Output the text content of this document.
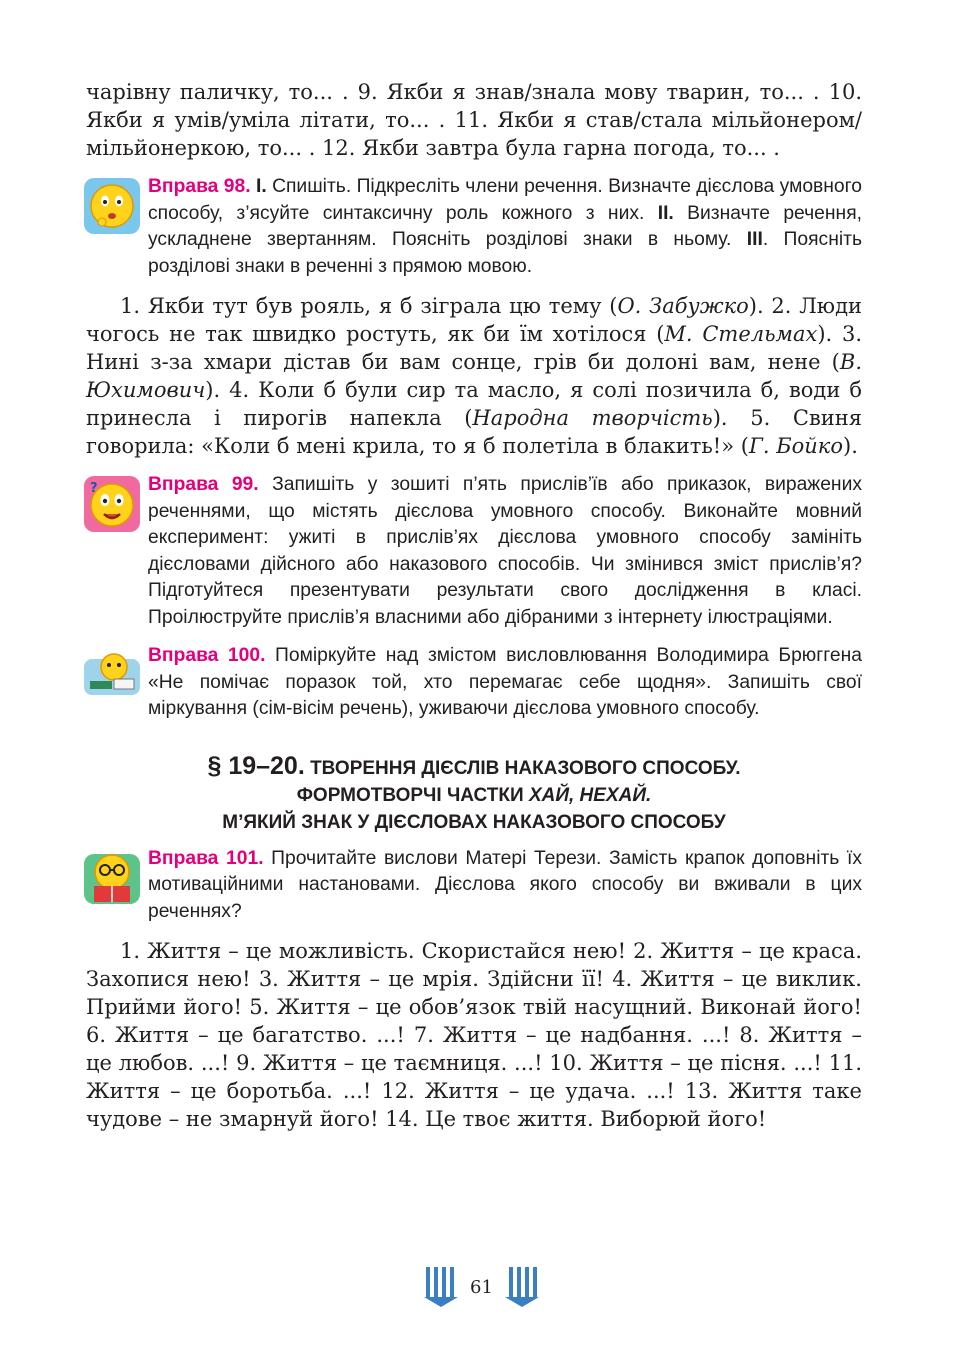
чарівну паличку, то... . 9. Якби я знав/знала мову тварин, то... . 10. Якби я умів/уміла літати, то... . 11. Якби я став/стала мільйонером/мільйонеркою, то... . 12. Якби завтра була гарна погода, то... .

Вправа 98. I. Спишіть. Підкресліть члени речення. Визначте дієслова умовного способу, з’ясуйте синтаксичну роль кожного з них. II. Визначте речення, ускладнене звертанням. Поясніть розділові знаки в ньому. III. Поясніть розділові знаки в реченні з прямою мовою.

1. Якби тут був рояль, я б зіграла цю тему (О. Забужко). 2. Люди чогось не так швидко ростуть, як би їм хотілося (М. Стельмах). 3. Нині з-за хмари дістав би вам сонце, грів би долоні вам, нене (В. Юхимович). 4. Коли б були сир та масло, я солі позичила б, води б принесла і пирогів напекла (Народна творчість). 5. Свиня говорила: «Коли б мені крила, то я б полетіла в блакить!» (Г. Бойко).

?	Вправа 99. Запишіть у зошиті п’ять прислів’їв або приказок, виражених реченнями, що містять дієслова умовного способу. Виконайте мовний експеримент: ужиті в прислів’ях дієслова умовного способу замініть дієсловами дійсного або наказового способів. Чи змінився зміст прислів’я? Підготуйтеся презентувати результати свого дослідження в класі. Проілюструйте прислів’я власними або дібраними з інтернету ілюстраціями.
Вправа 100. Поміркуйте над змістом висловлювання Володимира Брюггена «Не помічає поразок той, хто перемагає себе щодня». Запишіть свої міркування (сім-вісім речень), уживаючи дієслова умовного способу.
§ 19–20. ТВОРЕННЯ ДІЄСЛІВ НАКАЗОВОГО СПОСОБУ.
ФОРМОТВОРЧІ ЧАСТКИ ХАЙ, НЕХАЙ.
М’ЯКИЙ ЗНАК У ДІЄСЛОВАХ НАКАЗОВОГО СПОСОБУ
Вправа 101. Прочитайте вислови Матері Терези. Замість крапок доповніть їх мотиваційними настановами. Дієслова якого способу ви вживали в цих реченнях?

1. Життя – це можливість. Скористайся нею! 2. Життя – це краса. Захопися нею! 3. Життя – це мрія. Здійсни її! 4. Життя – це виклик. Прийми його! 5. Життя – це обов’язок твій насущний. Виконай його! 6. Життя – це багатство. ...! 7. Життя – це надбання. ...! 8. Життя – це любов. ...! 9. Життя – це таємниця. ...! 10. Життя – це пісня. ...! 11. Життя – це боротьба. ...! 12. Життя – це удача. ...! 13. Життя таке чудове – не змарнуй його! 14. Це твоє життя. Виборюй його!

61
